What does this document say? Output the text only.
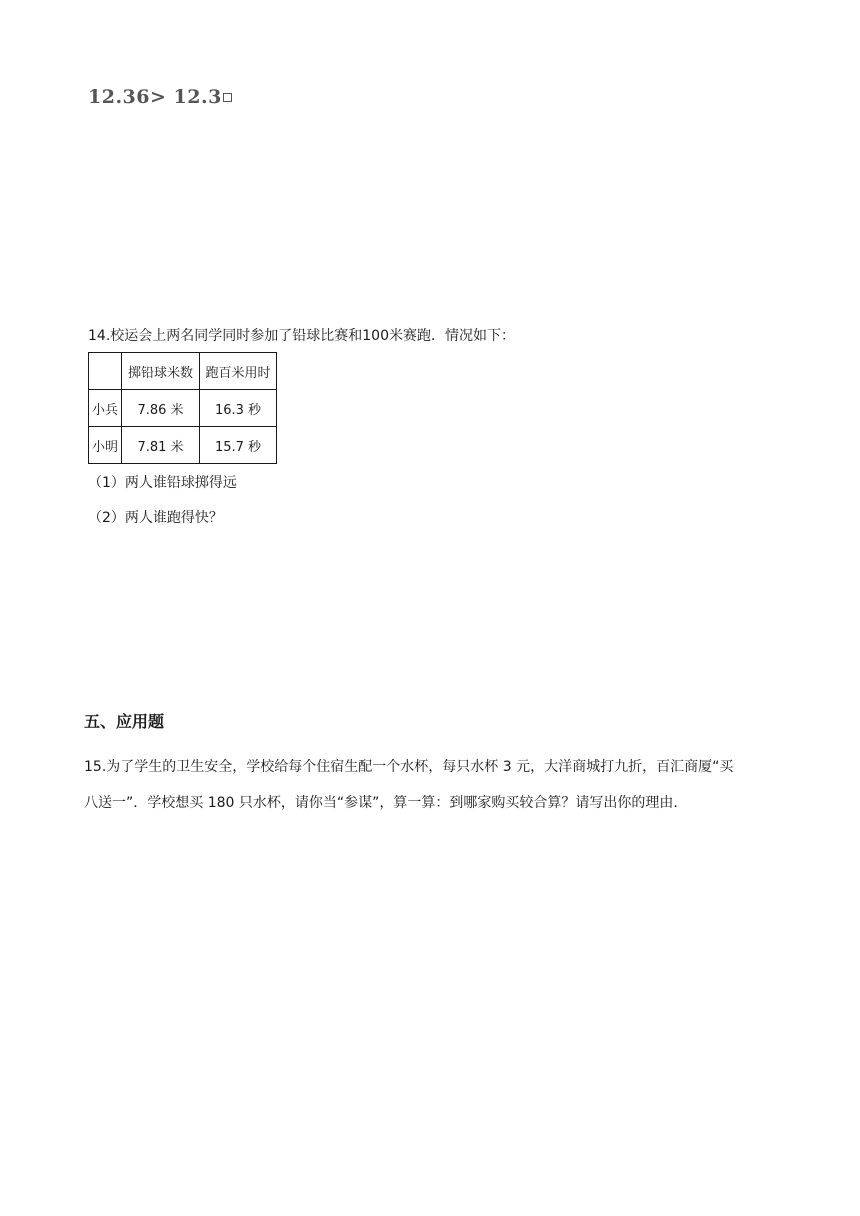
12.36> 12.3
14.校运会上两名同学同时参加了铅球比赛和100米赛跑．情况如下：
	掷铅球米数	跑百米用时
小兵	7.86 米	16.3 秒
小明	7.81 米	15.7 秒
（1）两人谁铅球掷得远
（2）两人谁跑得快？
五、应用题
15.为了学生的卫生安全，学校给每个住宿生配一个水杯，每只水杯 3 元，大洋商城打九折，百汇商厦“买
八送一”．学校想买 180 只水杯，请你当“参谋”，算一算：到哪家购买较合算？请写出你的理由．
